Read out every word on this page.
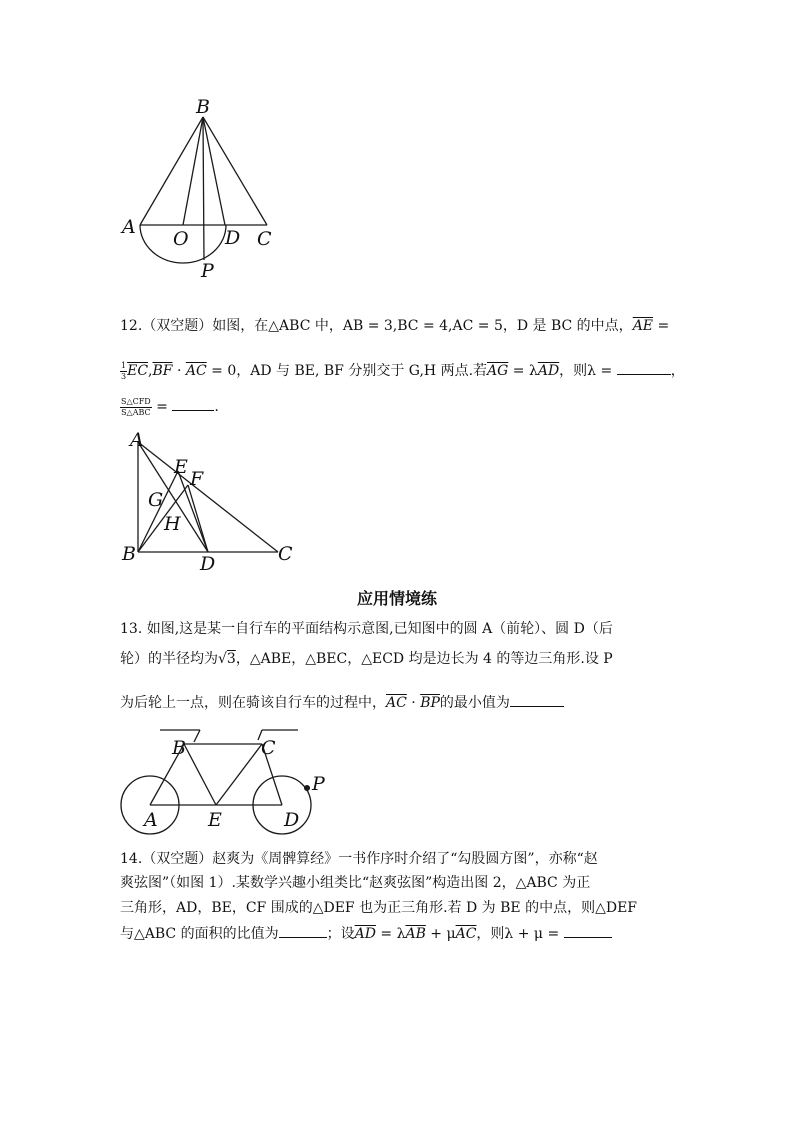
B
A
O D C
P
12.（双空题）如图，在△ABC 中，AB = 3,BC = 4,AC = 5，D 是 BC 的中点，$\overline{AE}$ =
$\frac{1}{3} \overline{EC},\overline{BF} \cdot \overline{AC} = 0$，AD 与 BE, BF 分别交于 G,H 两点.若$\overline{AG} = \lambda\overline{AD}$，则λ =	，
$\frac{\text{S△CFD}}{\text{S△ABC}}$ =	.
A
E
F
G
H
B	D	C
应用情境练
13. 如图,这是某一自行车的平面结构示意图,已知图中的圆 A（前轮）、圆 D（后
轮）的半径均为√3，△ABE，△BEC，△ECD 均是边长为 4 的等边三角形.设 P
为后轮上一点，则在骑该自行车的过程中，$\overline{AC} \cdot \overline{BP}$的最小值为
B	C
P
A	E	D
14.（双空题）赵爽为《周髀算经》一书作序时介绍了“勾股圆方图”，亦称“赵
爽弦图”（如图 1）.某数学兴趣小组类比“赵爽弦图”构造出图 2，△ABC 为正
三角形，AD，BE，CF 围成的△DEF 也为正三角形.若 D 为 BE 的中点，则△DEF
与△ABC 的面积的比值为	；设$\overline{AD} = \lambda\overline{AB} + \mu\overline{AC}$，则λ + μ =
